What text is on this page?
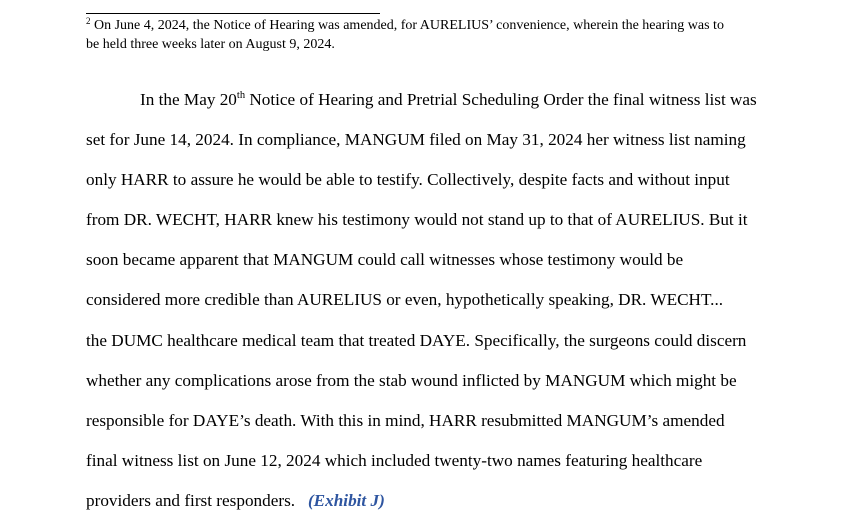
$^2$ On June 4, 2024, the Notice of Hearing was amended, for AURELIUS’ convenience, wherein the hearing was to
be held three weeks later on August 9, 2024.

In the May 20th Notice of Hearing and Pretrial Scheduling Order the final witness list was
set for June 14, 2024. In compliance, MANGUM filed on May 31, 2024 her witness list naming
only HARR to assure he would be able to testify. Collectively, despite facts and without input
from DR. WECHT, HARR knew his testimony would not stand up to that of AURELIUS. But it
soon became apparent that MANGUM could call witnesses whose testimony would be
considered more credible than AURELIUS or even, hypothetically speaking, DR. WECHT...
the DUMC healthcare medical team that treated DAYE. Specifically, the surgeons could discern
whether any complications arose from the stab wound inflicted by MANGUM which might be
responsible for DAYE’s death. With this in mind, HARR resubmitted MANGUM’s amended
final witness list on June 12, 2024 which included twenty-two names featuring healthcare
providers and first responders.   (Exhibit J)
